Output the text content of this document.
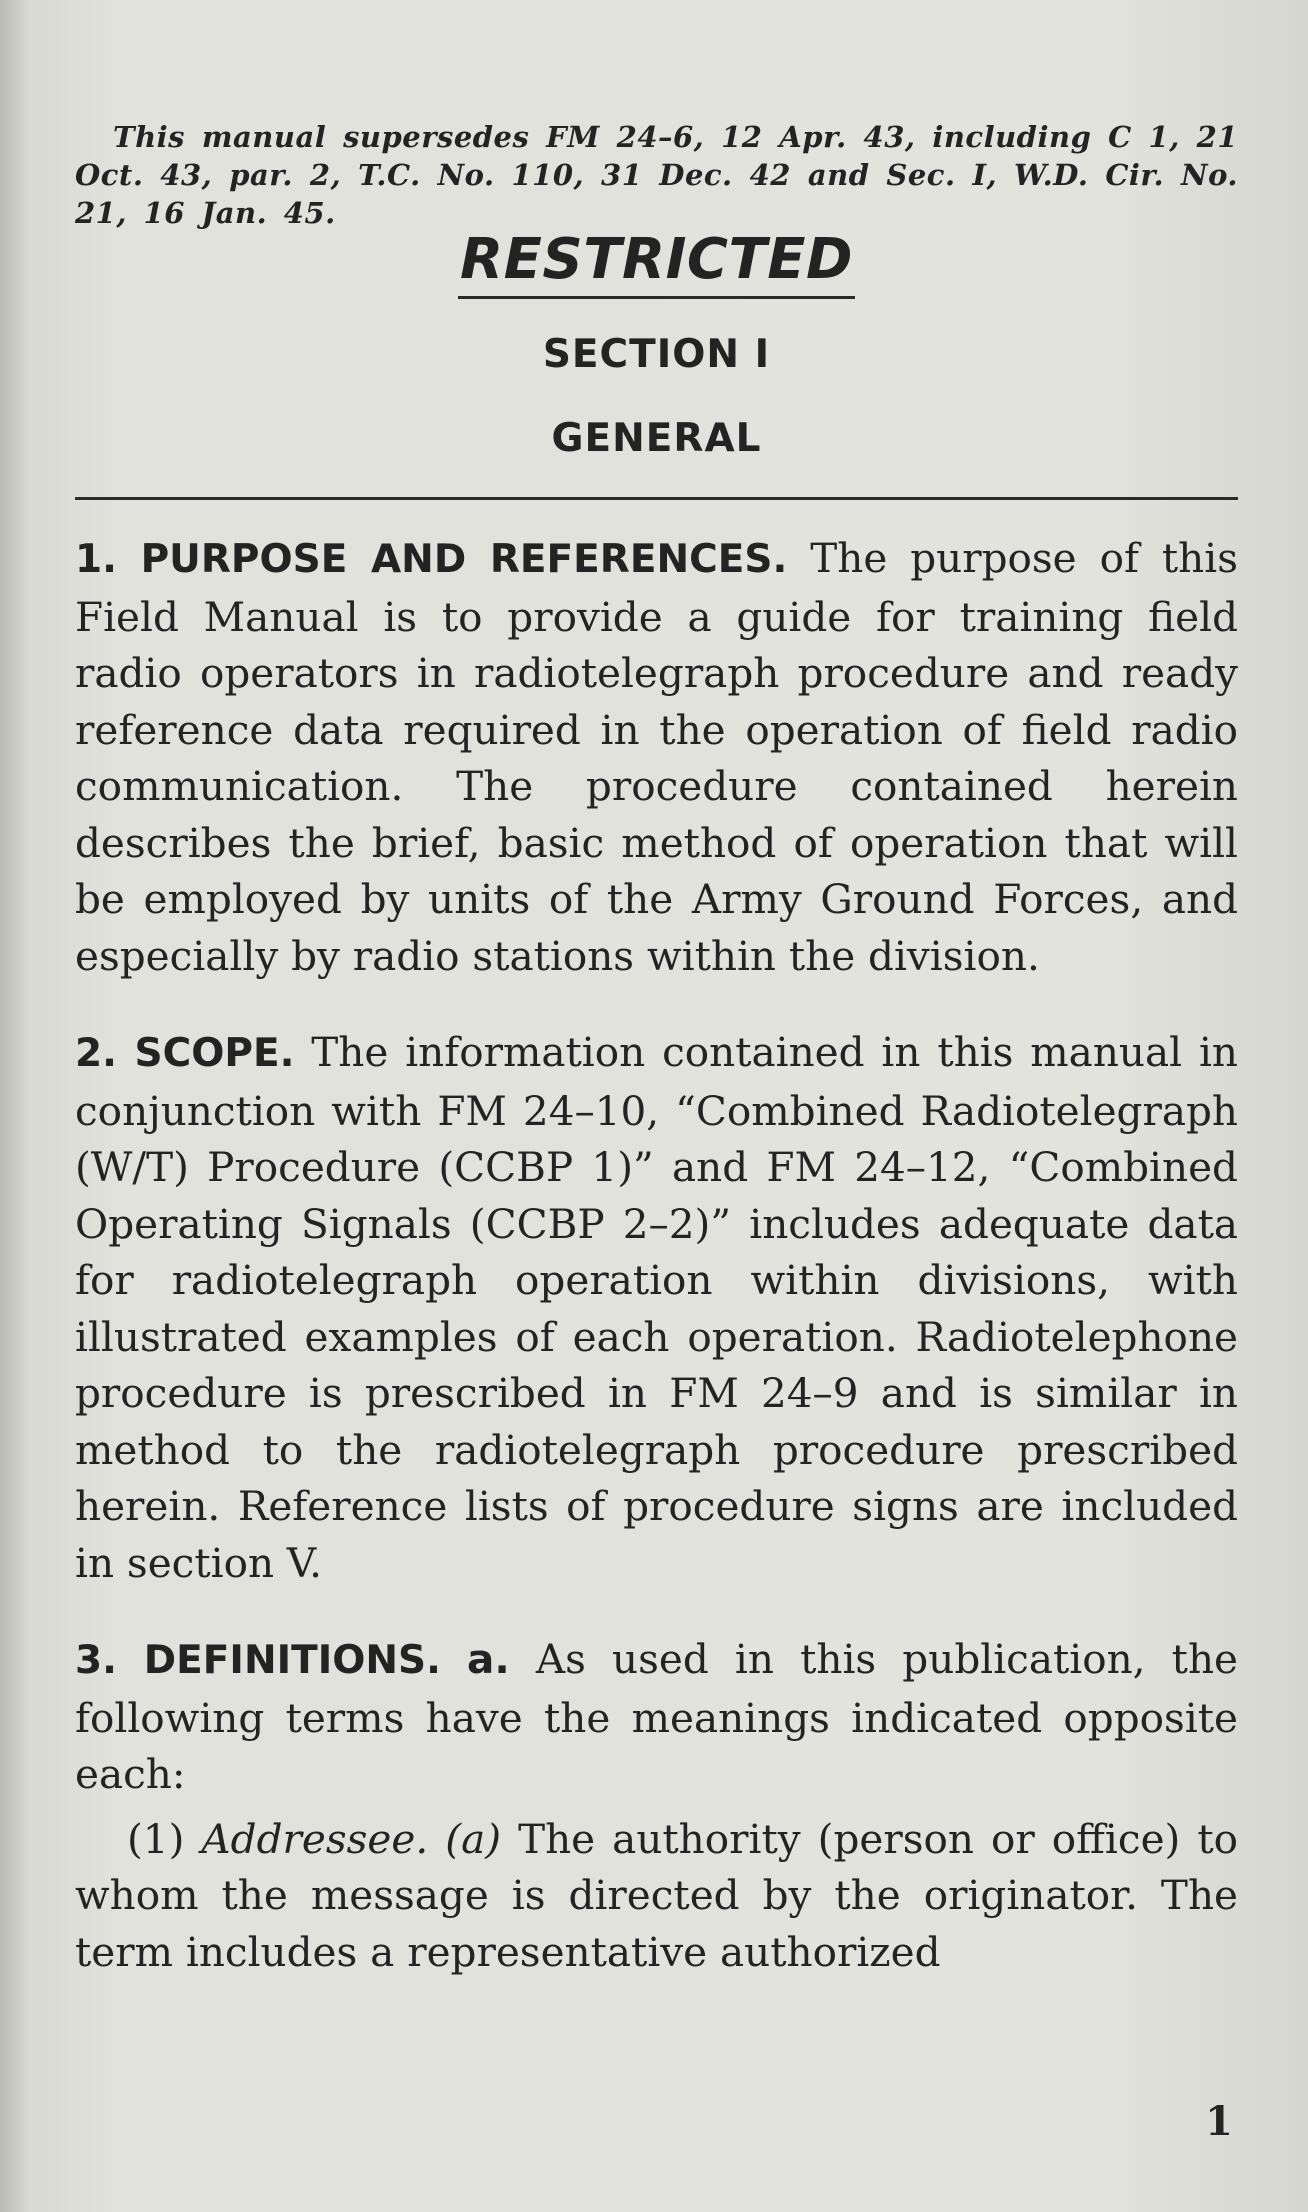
This manual supersedes FM 24–6, 12 Apr. 43, including C 1, 21 Oct. 43, par. 2, T.C. No. 110, 31 Dec. 42 and Sec. I, W.D. Cir. No. 21, 16 Jan. 45.

RESTRICTED
SECTION I
GENERAL

1. PURPOSE AND REFERENCES. The purpose of this Field Manual is to provide a guide for training field radio operators in radiotelegraph procedure and ready reference data required in the operation of field radio communication. The procedure contained herein describes the brief, basic method of operation that will be employed by units of the Army Ground Forces, and especially by radio stations within the division.

2. SCOPE. The information contained in this manual in conjunction with FM 24–10, “Combined Radiotelegraph (W/T) Procedure (CCBP 1)” and FM 24–12, “Combined Operating Signals (CCBP 2–2)” includes adequate data for radiotelegraph operation within divisions, with illustrated examples of each operation. Radiotelephone procedure is prescribed in FM 24–9 and is similar in method to the radiotelegraph procedure prescribed herein. Reference lists of procedure signs are included in section V.

3. DEFINITIONS. a. As used in this publication, the following terms have the meanings indicated opposite each:

(1) Addressee. (a) The authority (person or office) to whom the message is directed by the originator. The term includes a representative authorized

1
